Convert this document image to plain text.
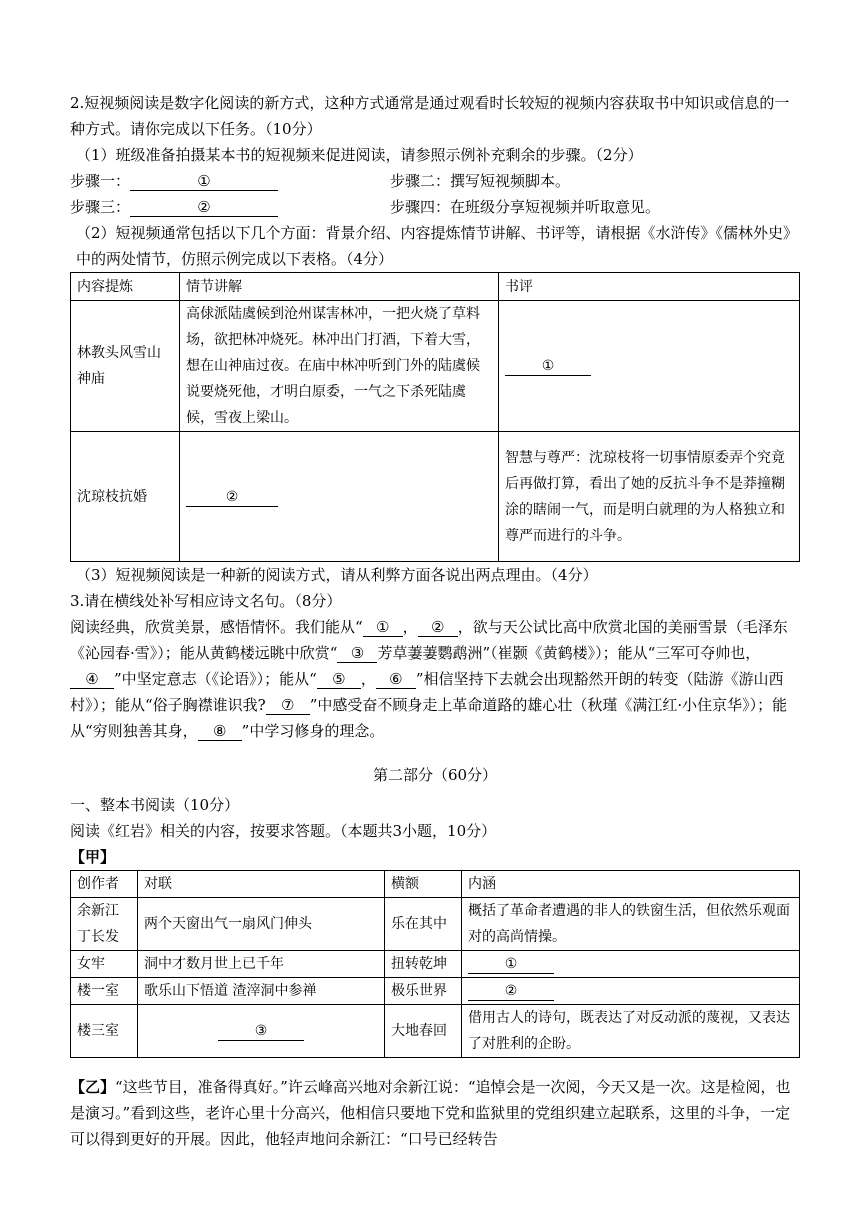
2.短视频阅读是数字化阅读的新方式，这种方式通常是通过观看时长较短的视频内容获取书中知识或信息的一种方式。请你完成以下任务。（10分）

（1）班级准备拍摄某本书的短视频来促进阅读，请参照示例补充剩余的步骤。（2分）

步骤一：	①	步骤二：撰写短视频脚本。
步骤三：	②	步骤四：在班级分享短视频并听取意见。

（2）短视频通常包括以下几个方面：背景介绍、内容提炼情节讲解、书评等，请根据《水浒传》《儒林外史》中的两处情节，仿照示例完成以下表格。（4分）

内容提炼	情节讲解	书评
林教头风雪山神庙	高俅派陆虞候到沧州谋害林冲，一把火烧了草料场，欲把林冲烧死。林冲出门打酒，下着大雪，想在山神庙过夜。在庙中林冲听到门外的陆虞候说要烧死他，才明白原委，一气之下杀死陆虞候，雪夜上梁山。	①
沈琼枝抗婚	②	智慧与尊严：沈琼枝将一切事情原委弄个究竟后再做打算，看出了她的反抗斗争不是莽撞糊涂的瞎闹一气，而是明白就理的为人格独立和尊严而进行的斗争。

（3）短视频阅读是一种新的阅读方式，请从利弊方面各说出两点理由。（4分）

3.请在横线处补写相应诗文名句。（8分）

阅读经典，欣赏美景，感悟情怀。我们能从“ ① ， ② ，欲与天公试比高中欣赏北国的美丽雪景（毛泽东《沁园春·雪》）；能从黄鹤楼远眺中欣赏“ ③ 芳草萋萋鹦鹉洲”（崔颢《黄鹤楼》）；能从“三军可夺帅也，④ ”中坚定意志（《论语》）；能从“ ⑤ ， ⑥ ”相信坚持下去就会出现豁然开朗的转变（陆游《游山西村》）；能从“俗子胸襟谁识我? ⑦ ”中感受奋不顾身走上革命道路的雄心壮（秋瑾《满江红·小住京华》）；能从“穷则独善其身， ⑧ ”中学习修身的理念。

第二部分（60分）

一、整本书阅读（10分）

阅读《红岩》相关的内容，按要求答题。（本题共3小题，10分）

【甲】

创作者	对联	横额	内涵
余新江丁长发	两个天窗出气一扇风门伸头	乐在其中	概括了革命者遭遇的非人的铁窗生活，但依然乐观面对的高尚情操。
女牢	洞中才数月世上已千年	扭转乾坤	①
楼一室	歌乐山下悟道 渣滓洞中参禅	极乐世界	②
楼三室	③	大地春回	借用古人的诗句，既表达了对反动派的蔑视，又表达了对胜利的企盼。

【乙】“这些节目，准备得真好。”许云峰高兴地对余新江说：“追悼会是一次阅，今天又是一次。这是检阅，也是演习。”看到这些，老许心里十分高兴，他相信只要地下党和监狱里的党组织建立起联系，这里的斗争，一定可以得到更好的开展。因此，他轻声地问余新江：“口号已经转告
